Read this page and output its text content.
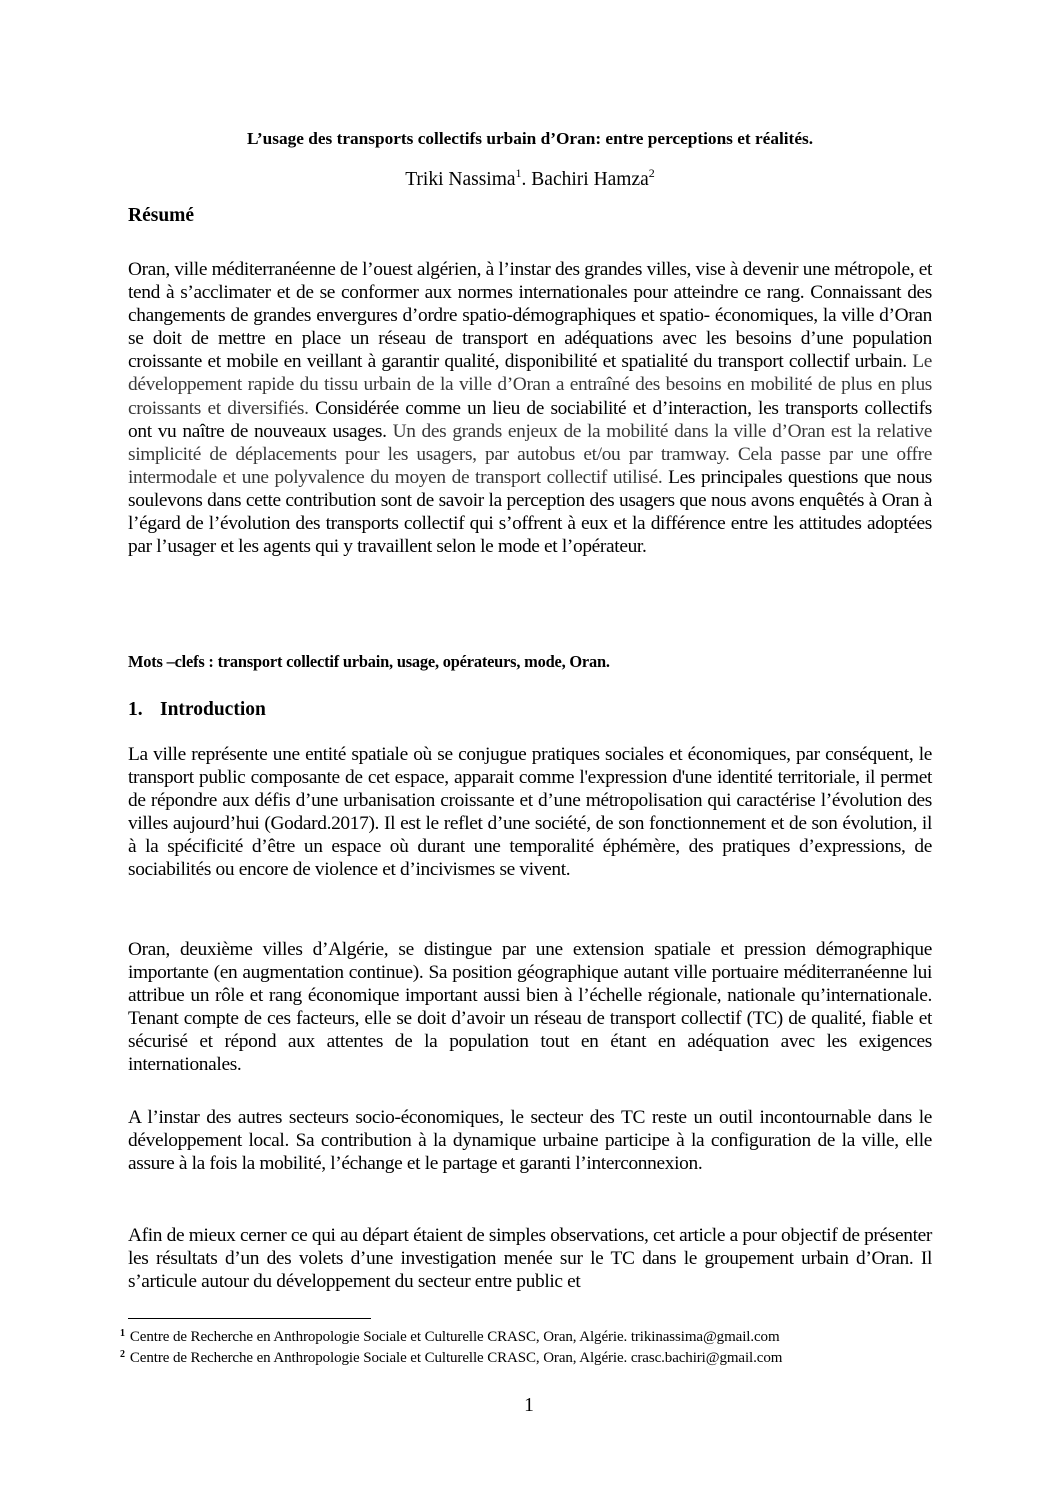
L’usage des transports collectifs urbain d’Oran: entre perceptions et réalités.

Triki Nassima$^1$. Bachiri Hamza$^2$

Résumé

Oran, ville méditerranéenne de l’ouest algérien, à l’instar des grandes villes, vise à devenir une métropole, et tend à s’acclimater et de se conformer aux normes internationales pour atteindre ce rang. Connaissant des changements de grandes envergures d’ordre spatio-démographiques et spatio- économiques, la ville d’Oran se doit de mettre en place un réseau de transport en adéquations avec les besoins d’une population croissante et mobile en veillant à garantir qualité, disponibilité et spatialité du transport collectif urbain. Le développement rapide du tissu urbain de la ville d’Oran a entraîné des besoins en mobilité de plus en plus croissants et diversifiés. Considérée comme un lieu de sociabilité et d’interaction, les transports collectifs ont vu naître de nouveaux usages. Un des grands enjeux de la mobilité dans la ville d’Oran est la relative simplicité de déplacements pour les usagers, par autobus et/ou par tramway. Cela passe par une offre intermodale et une polyvalence du moyen de transport collectif utilisé. Les principales questions que nous soulevons dans cette contribution sont de savoir la perception des usagers que nous avons enquêtés à Oran à l’égard de l’évolution des transports collectif qui s’offrent à eux et la différence entre les attitudes adoptées par l’usager et les agents qui y travaillent selon le mode et l’opérateur.

Mots –clefs : transport collectif urbain, usage, opérateurs, mode, Oran.

1. Introduction

La ville représente une entité spatiale où se conjugue pratiques sociales et économiques, par conséquent, le transport public composante de cet espace, apparait comme l'expression d'une identité territoriale, il permet de répondre aux défis d’une urbanisation croissante et d’une métropolisation qui caractérise l’évolution des villes aujourd’hui (Godard.2017). Il est le reflet d’une société, de son fonctionnement et de son évolution, il à la spécificité d’être un espace où durant une temporalité éphémère, des pratiques d’expressions, de sociabilités ou encore de violence et d’incivismes se vivent.

Oran, deuxième villes d’Algérie, se distingue par une extension spatiale et pression démographique importante (en augmentation continue). Sa position géographique autant ville portuaire méditerranéenne lui attribue un rôle et rang économique important aussi bien à l’échelle régionale, nationale qu’internationale. Tenant compte de ces facteurs, elle se doit d’avoir un réseau de transport collectif (TC) de qualité, fiable et sécurisé et répond aux attentes de la population tout en étant en adéquation avec les exigences internationales.

A l’instar des autres secteurs socio-économiques, le secteur des TC reste un outil incontournable dans le développement local. Sa contribution à la dynamique urbaine participe à la configuration de la ville, elle assure à la fois la mobilité, l’échange et le partage et garanti l’interconnexion.

Afin de mieux cerner ce qui au départ étaient de simples observations, cet article a pour objectif de présenter les résultats d’un des volets d’une investigation menée sur le TC dans le groupement urbain d’Oran. Il s’articule autour du développement du secteur entre public et

$^1$ Centre de Recherche en Anthropologie Sociale et Culturelle CRASC, Oran, Algérie. trikinassima@gmail.com

$^2$ Centre de Recherche en Anthropologie Sociale et Culturelle CRASC, Oran, Algérie. crasc.bachiri@gmail.com

1
